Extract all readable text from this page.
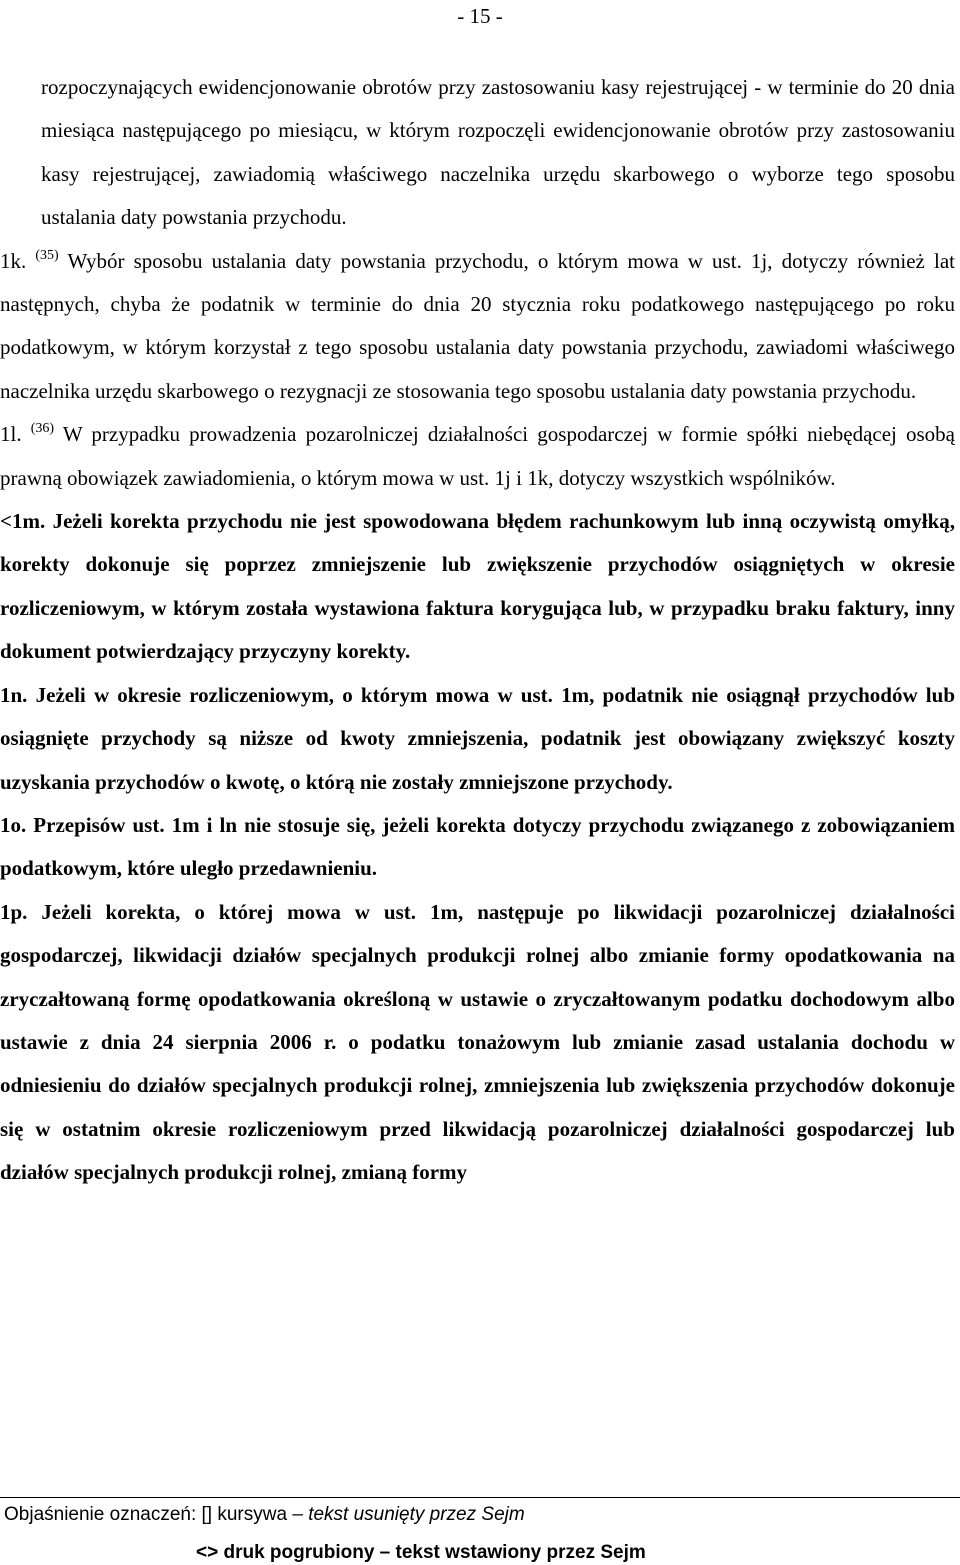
- 15 -

rozpoczynających ewidencjonowanie obrotów przy zastosowaniu kasy rejestrującej - w terminie do 20 dnia miesiąca następującego po miesiącu, w którym rozpoczęli ewidencjonowanie obrotów przy zastosowaniu kasy rejestrującej, zawiadomią właściwego naczelnika urzędu skarbowego o wyborze tego sposobu ustalania daty powstania przychodu.

1k. $^{(35)}$ Wybór sposobu ustalania daty powstania przychodu, o którym mowa w ust. 1j, dotyczy również lat następnych, chyba że podatnik w terminie do dnia 20 stycznia roku podatkowego następującego po roku podatkowym, w którym korzystał z tego sposobu ustalania daty powstania przychodu, zawiadomi właściwego naczelnika urzędu skarbowego o rezygnacji ze stosowania tego sposobu ustalania daty powstania przychodu.

1l. $^{(36)}$ W przypadku prowadzenia pozarolniczej działalności gospodarczej w formie spółki niebędącej osobą prawną obowiązek zawiadomienia, o którym mowa w ust. 1j i 1k, dotyczy wszystkich wspólników.

<1m. Jeżeli korekta przychodu nie jest spowodowana błędem rachunkowym lub inną oczywistą omyłką, korekty dokonuje się poprzez zmniejszenie lub zwiększenie przychodów osiągniętych w okresie rozliczeniowym, w którym została wystawiona faktura korygująca lub, w przypadku braku faktury, inny dokument potwierdzający przyczyny korekty.

1n. Jeżeli w okresie rozliczeniowym, o którym mowa w ust. 1m, podatnik nie osiągnął przychodów lub osiągnięte przychody są niższe od kwoty zmniejszenia, podatnik jest obowiązany zwiększyć koszty uzyskania przychodów o kwotę, o którą nie zostały zmniejszone przychody.

1o. Przepisów ust. 1m i ln nie stosuje się, jeżeli korekta dotyczy przychodu związanego z zobowiązaniem podatkowym, które uległo przedawnieniu.

1p. Jeżeli korekta, o której mowa w ust. 1m, następuje po likwidacji pozarolniczej działalności gospodarczej, likwidacji działów specjalnych produkcji rolnej albo zmianie formy opodatkowania na zryczałtowaną formę opodatkowania określoną w ustawie o zryczałtowanym podatku dochodowym albo ustawie z dnia 24 sierpnia 2006 r. o podatku tonażowym lub zmianie zasad ustalania dochodu w odniesieniu do działów specjalnych produkcji rolnej, zmniejszenia lub zwiększenia przychodów dokonuje się w ostatnim okresie rozliczeniowym przed likwidacją pozarolniczej działalności gospodarczej lub działów specjalnych produkcji rolnej, zmianą formy

Objaśnienie oznaczeń: [] kursywa – tekst usunięty przez Sejm
<> druk pogrubiony – tekst wstawiony przez Sejm
